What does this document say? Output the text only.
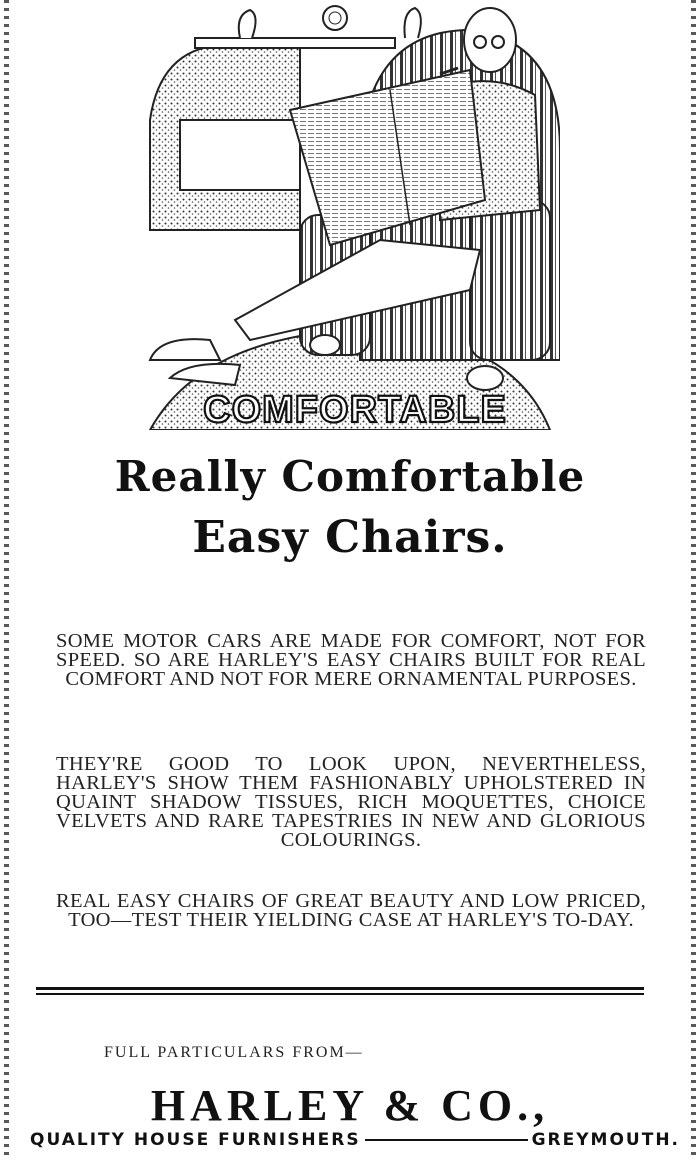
COMFORTABLE
Really Comfortable
Easy Chairs.
SOME MOTOR CARS ARE MADE FOR COMFORT, NOT FOR SPEED. SO ARE HARLEY'S EASY CHAIRS BUILT FOR REAL COMFORT AND NOT FOR MERE ORNAMENTAL PURPOSES.
THEY'RE GOOD TO LOOK UPON, NEVERTHELESS, HARLEY'S SHOW THEM FASHIONABLY UPHOLSTERED IN QUAINT SHADOW TISSUES, RICH MOQUETTES, CHOICE VELVETS AND RARE TAPESTRIES IN NEW AND GLORIOUS COLOURINGS.
REAL EASY CHAIRS OF GREAT BEAUTY AND LOW PRICED, TOO—TEST THEIR YIELDING CASE AT HARLEY'S TO-DAY.
FULL PARTICULARS FROM—
HARLEY & CO.,
QUALITY HOUSE FURNISHERS	GREYMOUTH.
